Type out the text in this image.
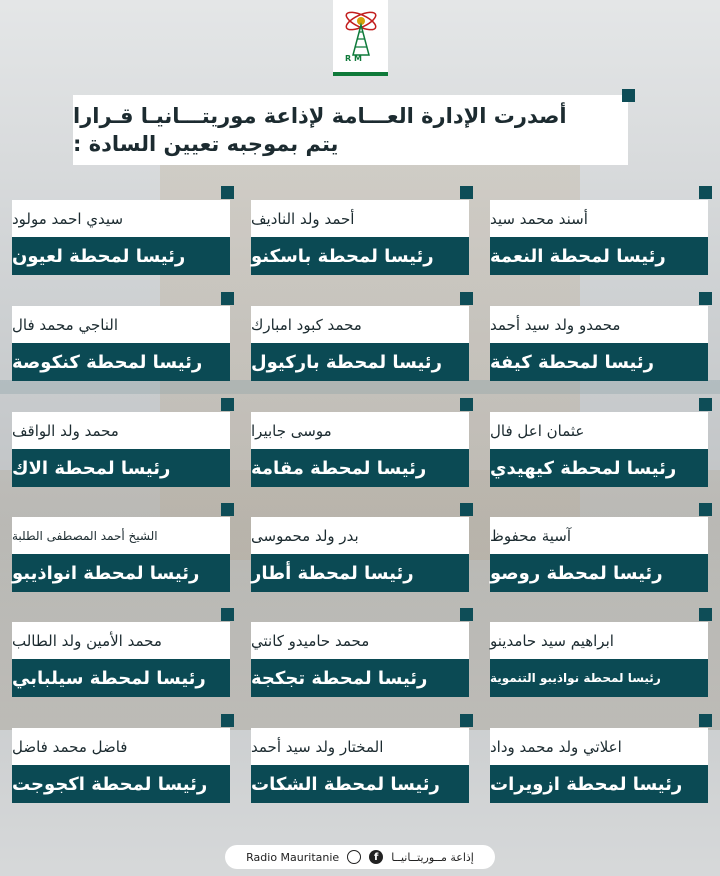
R M
أصدرت الإدارة العـــامة لإذاعة موريتـــانيـا قـرارا
يتم بموجبه تعيين السادة :
أسند محمد سيد
رئيسا لمحطة النعمة
أحمد ولد الناديف
رئيسا لمحطة باسكنو
سيدي احمد مولود
رئيسا لمحطة لعيون
محمدو ولد سيد أحمد
رئيسا لمحطة كيفة
محمد كبود امبارك
رئيسا لمحطة باركيول
الناجي محمد فال
رئيسا لمحطة كنكوصة
عثمان اعل فال
رئيسا لمحطة كيهيدي
موسى جابيرا
رئيسا لمحطة مقامة
محمد ولد الواقف
رئيسا لمحطة الاك
آسية محفوظ
رئيسا لمحطة روصو
بدر ولد محموسى
رئيسا لمحطة أطار
الشيخ أحمد المصطفى الطلبة
رئيسا لمحطة انواذيبو
ابراهيم سيد حامدينو
رئيسا لمحطة نواذيبو التنموية
محمد حاميدو كانتي
رئيسا لمحطة تجكجة
محمد الأمين ولد الطالب
رئيسا لمحطة سيلبابي
اعلاتي ولد محمد وداد
رئيسا لمحطة ازويرات
المختار ولد سيد أحمد
رئيسا لمحطة الشكات
فاضل محمد فاضل
رئيسا لمحطة اكجوجت
Radio Mauritanie	f	إذاعة مــوريتــانيــا
